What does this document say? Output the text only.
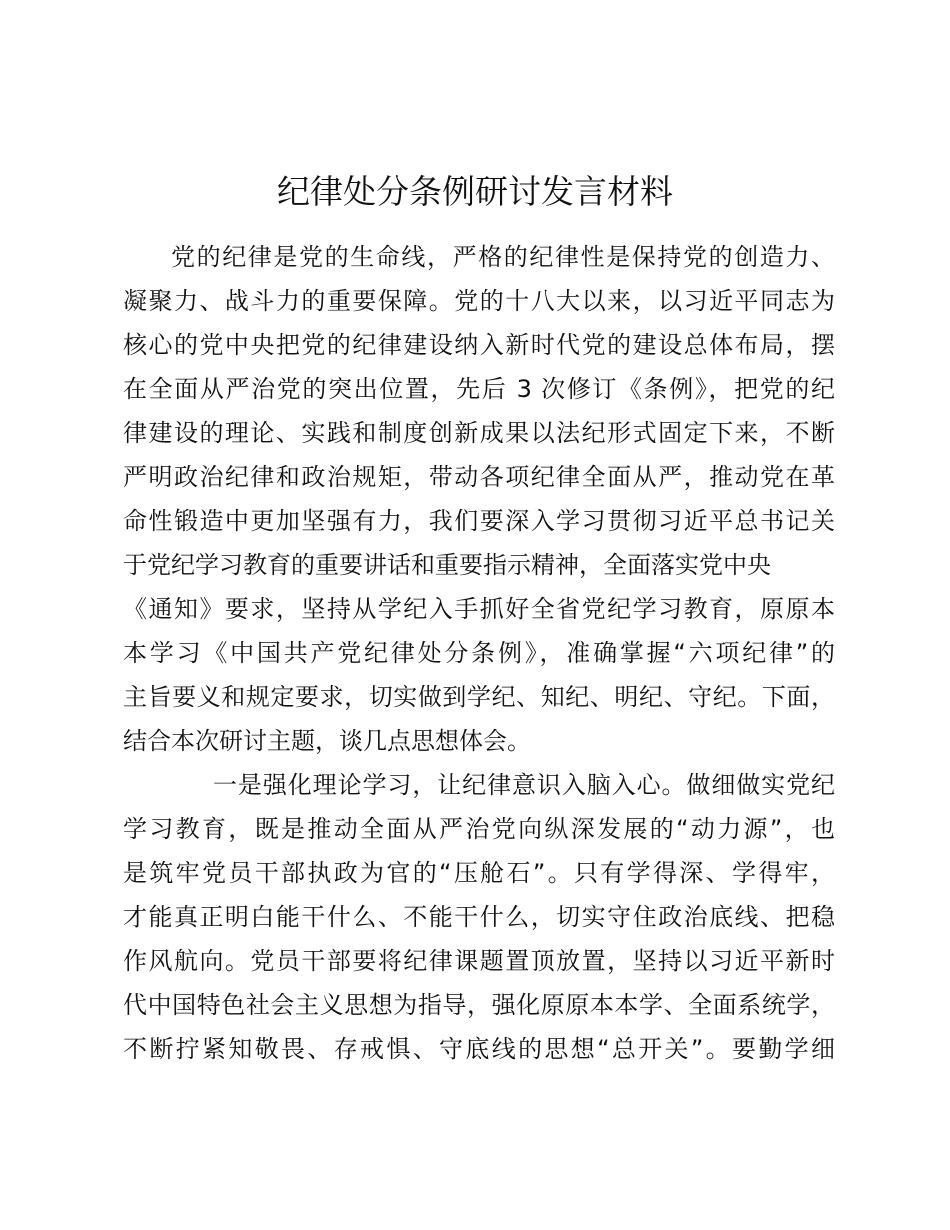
纪律处分条例研讨发言材料
党的纪律是党的生命线，严格的纪律性是保持党的创造力、
凝聚力、战斗力的重要保障。党的十八大以来，以习近平同志为
核心的党中央把党的纪律建设纳入新时代党的建设总体布局，摆
在全面从严治党的突出位置，先后 3 次修订《条例》，把党的纪
律建设的理论、实践和制度创新成果以法纪形式固定下来，不断
严明政治纪律和政治规矩，带动各项纪律全面从严，推动党在革
命性锻造中更加坚强有力，我们要深入学习贯彻习近平总书记关
于党纪学习教育的重要讲话和重要指示精神，全面落实党中央
《通知》要求，坚持从学纪入手抓好全省党纪学习教育，原原本
本学习《中国共产党纪律处分条例》，准确掌握“六项纪律”的
主旨要义和规定要求，切实做到学纪、知纪、明纪、守纪。下面，
结合本次研讨主题，谈几点思想体会。
一是强化理论学习，让纪律意识入脑入心。做细做实党纪
学习教育，既是推动全面从严治党向纵深发展的“动力源”，也
是筑牢党员干部执政为官的“压舱石”。只有学得深、学得牢，
才能真正明白能干什么、不能干什么，切实守住政治底线、把稳
作风航向。党员干部要将纪律课题置顶放置，坚持以习近平新时
代中国特色社会主义思想为指导，强化原原本本学、全面系统学，
不断拧紧知敬畏、存戒惧、守底线的思想“总开关”。要勤学细
